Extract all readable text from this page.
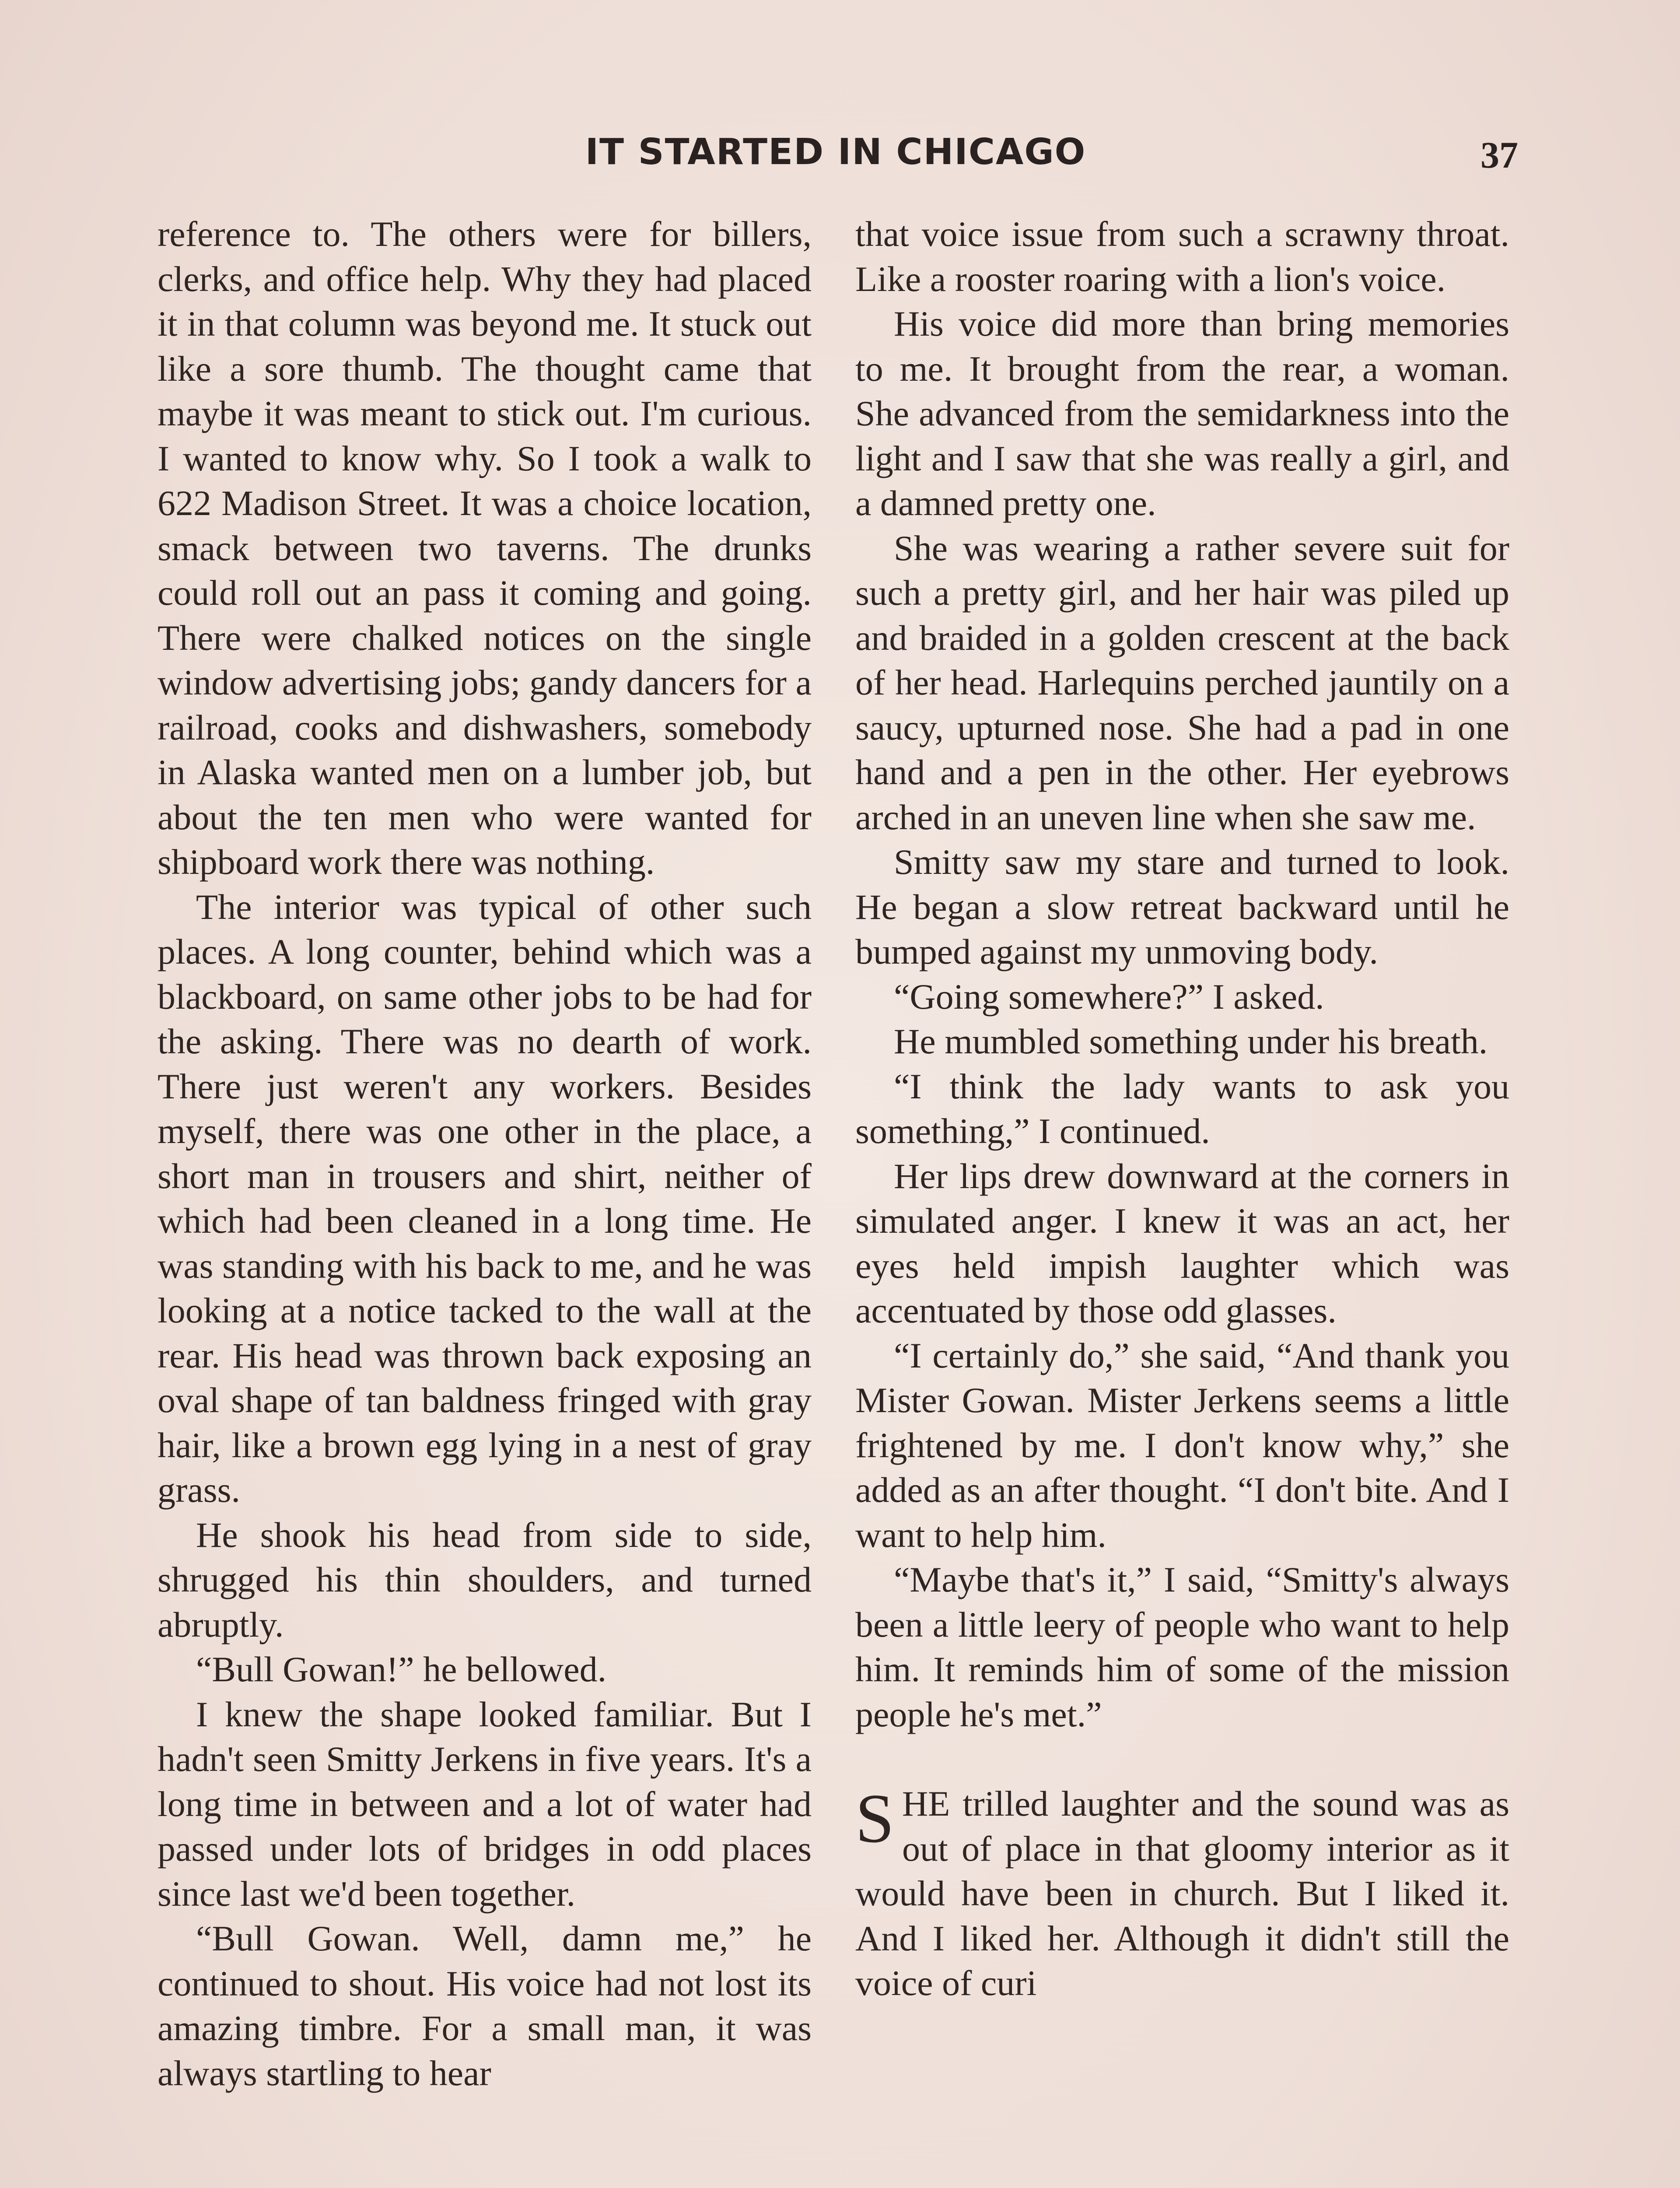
IT STARTED IN CHICAGO	37

reference to. The others were for billers, clerks, and office help. Why they had placed it in that column was beyond me. It stuck out like a sore thumb. The thought came that maybe it was meant to stick out. I'm curious. I wanted to know why. So I took a walk to 622 Madison Street. It was a choice location, smack between two taverns. The drunks could roll out an pass it coming and going. There were chalked notices on the single window advertising jobs; gandy dancers for a railroad, cooks and dishwashers, somebody in Alaska wanted men on a lumber job, but about the ten men who were wanted for shipboard work there was nothing.

The interior was typical of other such places. A long counter, behind which was a blackboard, on same other jobs to be had for the asking. There was no dearth of work. There just weren't any workers. Besides myself, there was one other in the place, a short man in trousers and shirt, neither of which had been cleaned in a long time. He was standing with his back to me, and he was looking at a notice tacked to the wall at the rear. His head was thrown back exposing an oval shape of tan baldness fringed with gray hair, like a brown egg lying in a nest of gray grass.

He shook his head from side to side, shrugged his thin shoulders, and turned abruptly.

“Bull Gowan!” he bellowed.

I knew the shape looked familiar. But I hadn't seen Smitty Jerkens in five years. It's a long time in between and a lot of water had passed under lots of bridges in odd places since last we'd been together.

“Bull Gowan. Well, damn me,” he continued to shout. His voice had not lost its amazing timbre. For a small man, it was always startling to hear

that voice issue from such a scrawny throat. Like a rooster roaring with a lion's voice.

His voice did more than bring memories to me. It brought from the rear, a woman. She advanced from the semidarkness into the light and I saw that she was really a girl, and a damned pretty one.

She was wearing a rather severe suit for such a pretty girl, and her hair was piled up and braided in a golden crescent at the back of her head. Harlequins perched jauntily on a saucy, upturned nose. She had a pad in one hand and a pen in the other. Her eyebrows arched in an uneven line when she saw me.

Smitty saw my stare and turned to look. He began a slow retreat backward until he bumped against my unmoving body.

“Going somewhere?” I asked.

He mumbled something under his breath.

“I think the lady wants to ask you something,” I continued.

Her lips drew downward at the corners in simulated anger. I knew it was an act, her eyes held impish laughter which was accentuated by those odd glasses.

“I certainly do,” she said, “And thank you Mister Gowan. Mister Jerkens seems a little frightened by me. I don't know why,” she added as an after thought. “I don't bite. And I want to help him.

“Maybe that's it,” I said, “Smitty's always been a little leery of people who want to help him. It reminds him of some of the mission people he's met.”

SHE trilled laughter and the sound was as out of place in that gloomy interior as it would have been in church. But I liked it. And I liked her. Although it didn't still the voice of curi
